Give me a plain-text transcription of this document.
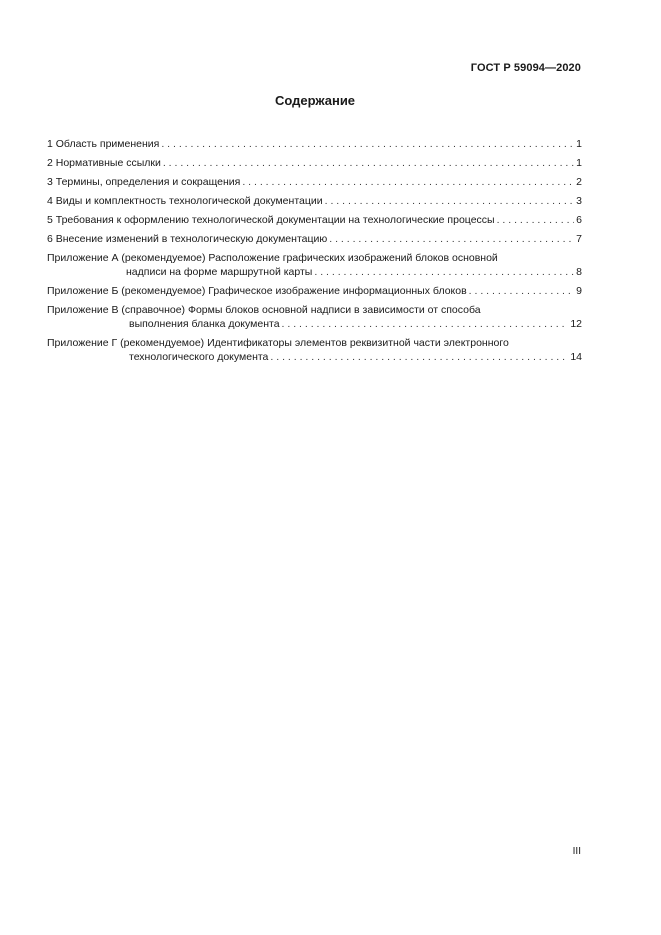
ГОСТ Р 59094—2020
Содержание
1 Область применения . . .	1
2 Нормативные ссылки . . .	1
3 Термины, определения и сокращения . . .	2
4 Виды и комплектность технологической документации . . .	3
5 Требования к оформлению технологической документации на технологические процессы . . .	6
6 Внесение изменений в технологическую документацию . . .	7
Приложение А (рекомендуемое) Расположение графических изображений блоков основной
надписи на форме маршрутной карты . . .	8
Приложение Б (рекомендуемое) Графическое изображение информационных блоков . . .	9
Приложение В (справочное) Формы блоков основной надписи в зависимости от способа
выполнения бланка документа . . .	12
Приложение Г (рекомендуемое) Идентификаторы элементов реквизитной части электронного
технологического документа . . .	14
III
